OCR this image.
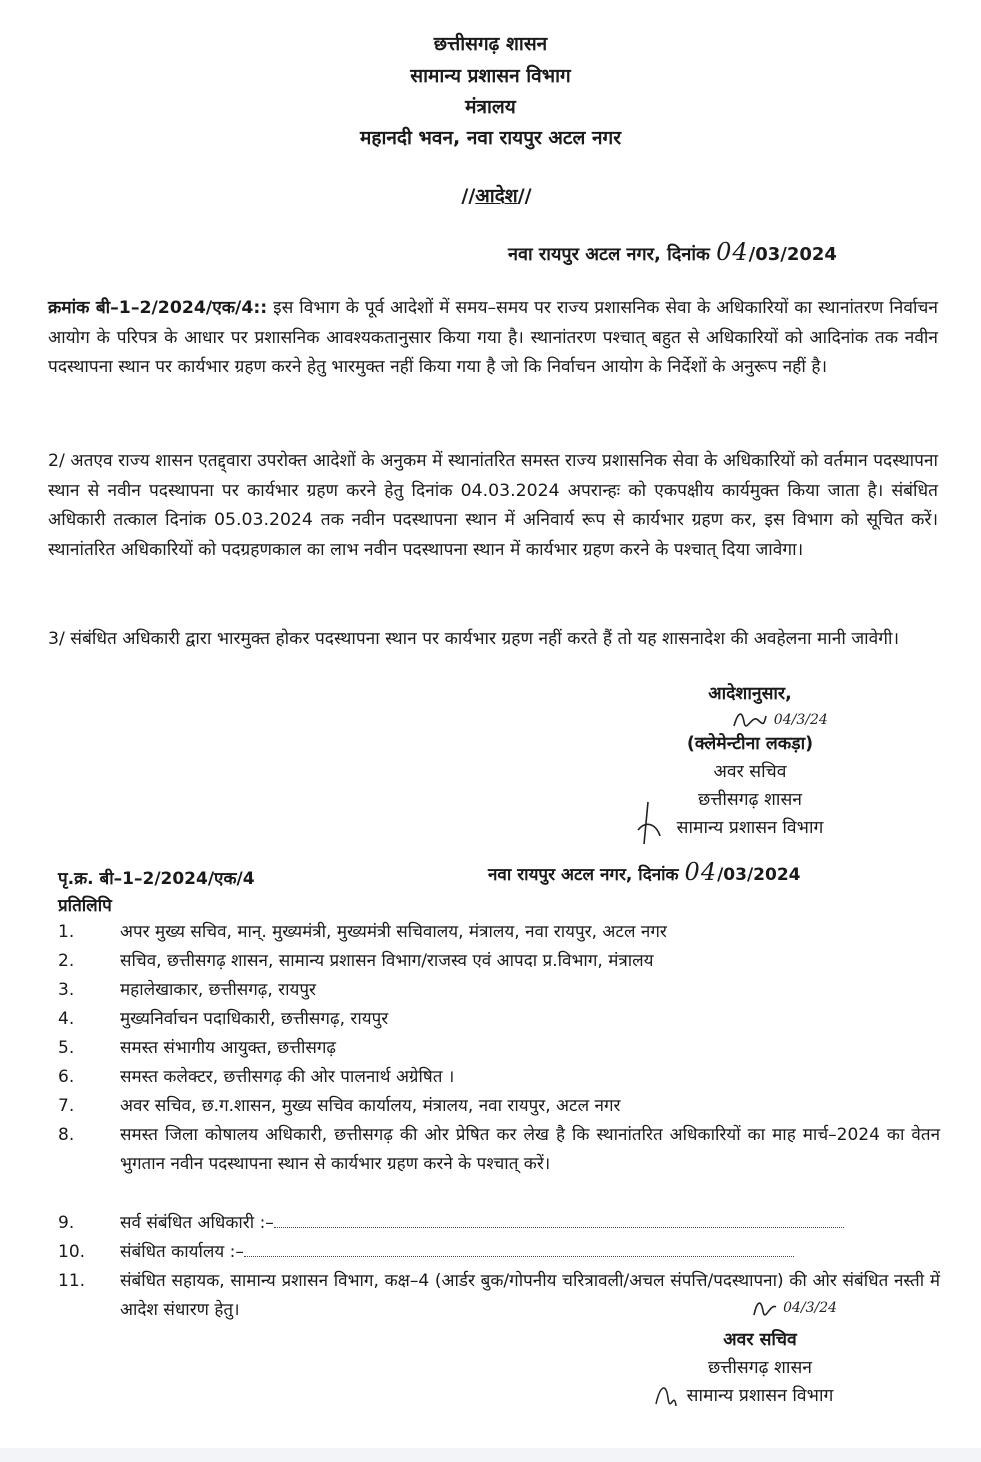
छत्तीसगढ़ शासन
सामान्य प्रशासन विभाग
मंत्रालय
महानदी भवन, नवा रायपुर अटल नगर
//आदेश//
नवा रायपुर अटल नगर, दिनांक 04/03/2024
क्रमांक बी–1–2/2024/एक/4:: इस विभाग के पूर्व आदेशों में समय–समय पर राज्य प्रशासनिक सेवा के अधिकारियों का स्थानांतरण निर्वाचन आयोग के परिपत्र के आधार पर प्रशासनिक आवश्यकतानुसार किया गया है। स्थानांतरण पश्चात् बहुत से अधिकारियों को आदिनांक तक नवीन पदस्थापना स्थान पर कार्यभार ग्रहण करने हेतु भारमुक्त नहीं किया गया है जो कि निर्वाचन आयोग के निर्देशों के अनुरूप नहीं है।
2/ अतएव राज्य शासन एतद्द्वारा उपरोक्त आदेशों के अनुकम में स्थानांतरित समस्त राज्य प्रशासनिक सेवा के अधिकारियों को वर्तमान पदस्थापना स्थान से नवीन पदस्थापना पर कार्यभार ग्रहण करने हेतु दिनांक 04.03.2024 अपरान्हः को एकपक्षीय कार्यमुक्त किया जाता है। संबंधित अधिकारी तत्काल दिनांक 05.03.2024 तक नवीन पदस्थापना स्थान में अनिवार्य रूप से कार्यभार ग्रहण कर, इस विभाग को सूचित करें। स्थानांतरित अधिकारियों को पदग्रहणकाल का लाभ नवीन पदस्थापना स्थान में कार्यभार ग्रहण करने के पश्चात् दिया जावेगा।
3/ संबंधित अधिकारी द्वारा भारमुक्त होकर पदस्थापना स्थान पर कार्यभार ग्रहण नहीं करते हैं तो यह शासनादेश की अवहेलना मानी जावेगी।
आदेशानुसार,
04/3/24
(क्लेमेन्टीना लकड़ा)
अवर सचिव
छत्तीसगढ़ शासन
सामान्य प्रशासन विभाग
पृ.क्र. बी–1–2/2024/एक/4	नवा रायपुर अटल नगर, दिनांक 04/03/2024
प्रतिलिपि
1.	अपर मुख्य सचिव, मान्. मुख्यमंत्री, मुख्यमंत्री सचिवालय, मंत्रालय, नवा रायपुर, अटल नगर
2.	सचिव, छत्तीसगढ़ शासन, सामान्य प्रशासन विभाग/राजस्व एवं आपदा प्र.विभाग, मंत्रालय
3.	महालेखाकार, छत्तीसगढ़, रायपुर
4.	मुख्यनिर्वाचन पदाधिकारी, छत्तीसगढ़, रायपुर
5.	समस्त संभागीय आयुक्त, छत्तीसगढ़
6.	समस्त कलेक्टर, छत्तीसगढ़ की ओर पालनार्थ अग्रेषित ।
7.	अवर सचिव, छ.ग.शासन, मुख्य सचिव कार्यालय, मंत्रालय, नवा रायपुर, अटल नगर
8.	समस्त जिला कोषालय अधिकारी, छत्तीसगढ़ की ओर प्रेषित कर लेख है कि स्थानांतरित अधिकारियों का माह मार्च–2024 का वेतन भुगतान नवीन पदस्थापना स्थान से कार्यभार ग्रहण करने के पश्चात् करें।
9.	सर्व संबंधित अधिकारी :–
10.	संबंधित कार्यालय :–
11.	संबंधित सहायक, सामान्य प्रशासन विभाग, कक्ष–4 (आर्डर बुक/गोपनीय चरित्रावली/अचल संपत्ति/पदस्थापना) की ओर संबंधित नस्ती में आदेश संधारण हेतु।	04/3/24
अवर सचिव
छत्तीसगढ़ शासन
सामान्य प्रशासन विभाग
